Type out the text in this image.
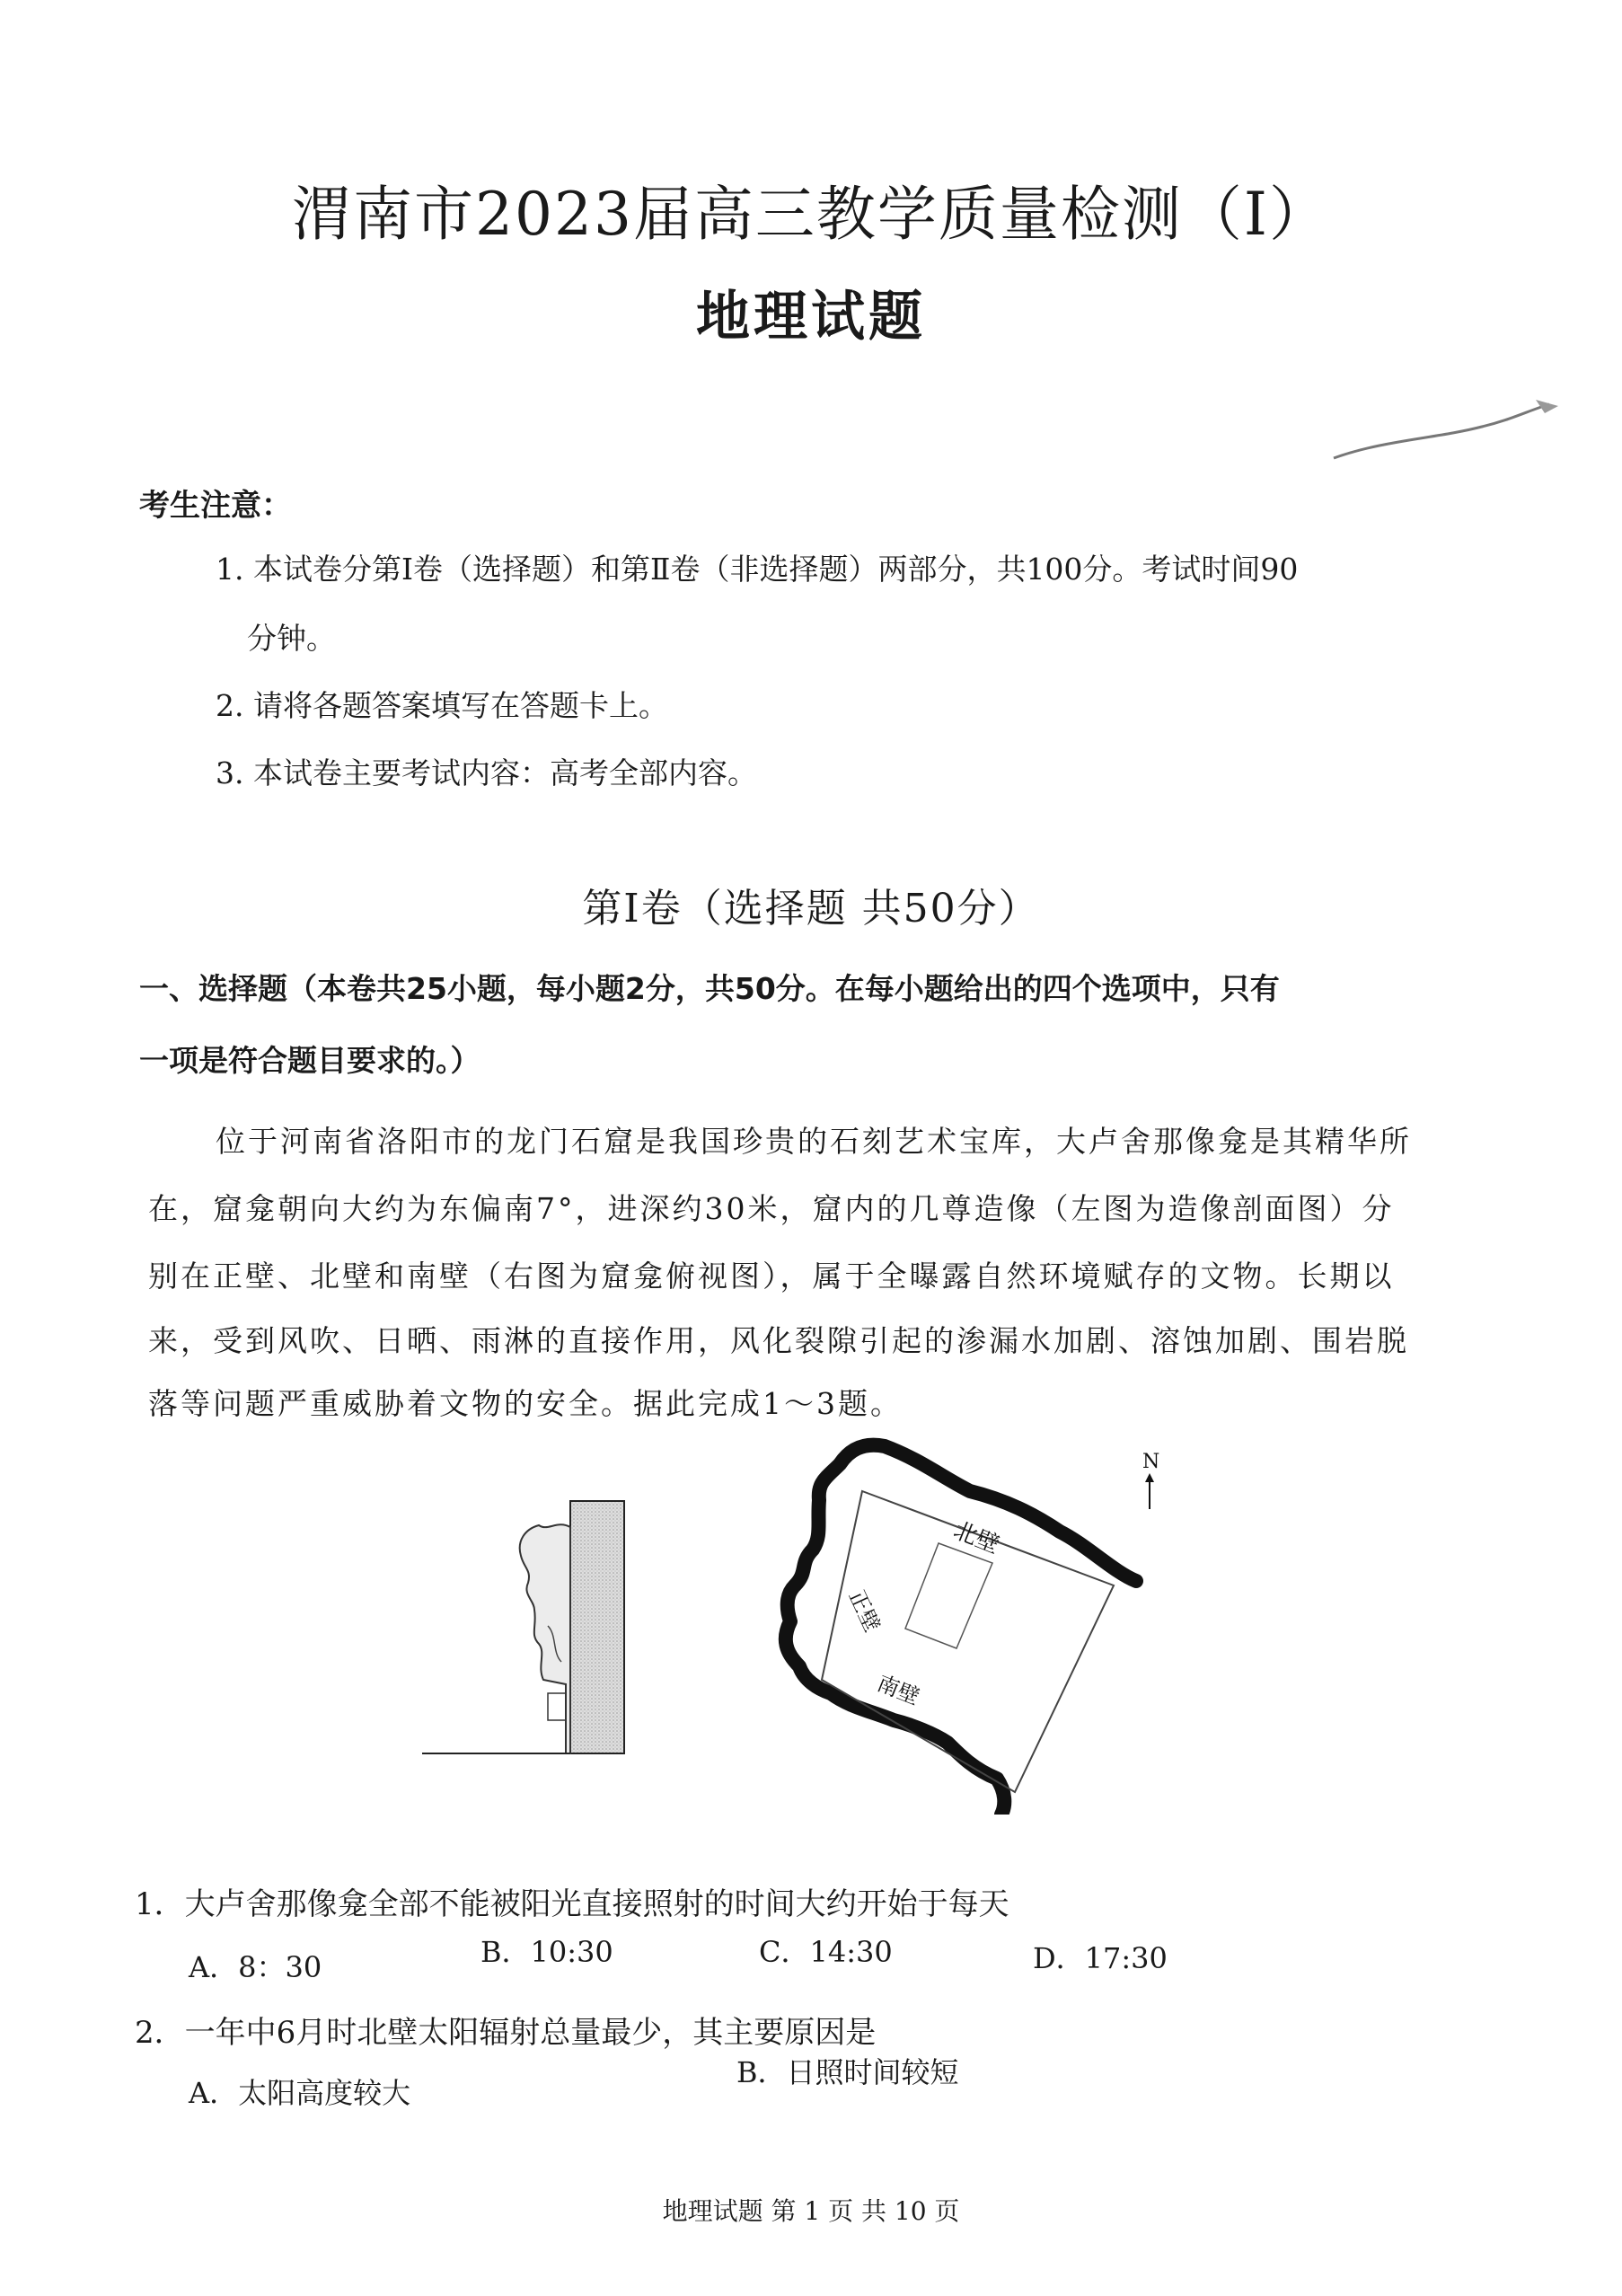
渭南市2023届高三教学质量检测（Ⅰ）
地理试题
考生注意：
1. 本试卷分第Ⅰ卷（选择题）和第Ⅱ卷（非选择题）两部分，共100分。考试时间90
分钟。
2. 请将各题答案填写在答题卡上。
3. 本试卷主要考试内容：高考全部内容。
第Ⅰ卷（选择题 共50分）
一、选择题（本卷共25小题，每小题2分，共50分。在每小题给出的四个选项中，只有
一项是符合题目要求的。）
位于河南省洛阳市的龙门石窟是我国珍贵的石刻艺术宝库，大卢舍那像龛是其精华所
在，窟龛朝向大约为东偏南7°，进深约30米，窟内的几尊造像（左图为造像剖面图）分
别在正壁、北壁和南壁（右图为窟龛俯视图），属于全曝露自然环境赋存的文物。长期以
来，受到风吹、日晒、雨淋的直接作用，风化裂隙引起的渗漏水加剧、溶蚀加剧、围岩脱
落等问题严重威胁着文物的安全。据此完成1～3题。
北壁
正壁
南壁
N
1．大卢舍那像龛全部不能被阳光直接照射的时间大约开始于每天
A．8：30	B．10:30	C．14:30	D．17:30
2．一年中6月时北壁太阳辐射总量最少，其主要原因是
A．太阳高度较大
B．日照时间较短
地理试题 第 1 页 共 10 页
